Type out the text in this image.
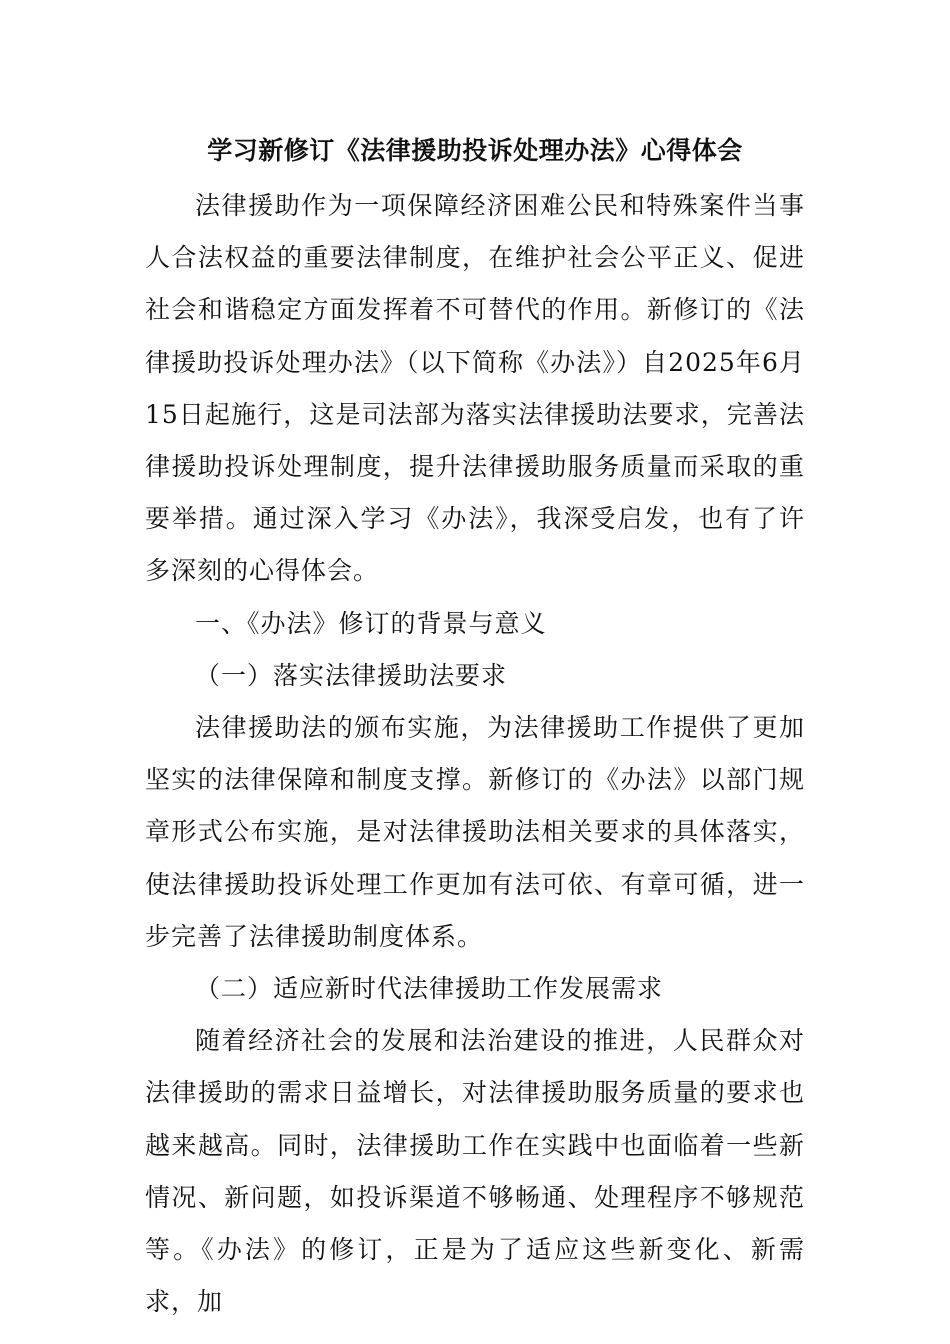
学习新修订《法律援助投诉处理办法》心得体会

法律援助作为一项保障经济困难公民和特殊案件当事人合法权益的重要法律制度，在维护社会公平正义、促进社会和谐稳定方面发挥着不可替代的作用。新修订的《法律援助投诉处理办法》（以下简称《办法》）自2025年6月15日起施行，这是司法部为落实法律援助法要求，完善法律援助投诉处理制度，提升法律援助服务质量而采取的重要举措。通过深入学习《办法》，我深受启发，也有了许多深刻的心得体会。

一、《办法》修订的背景与意义

（一）落实法律援助法要求

法律援助法的颁布实施，为法律援助工作提供了更加坚实的法律保障和制度支撑。新修订的《办法》以部门规章形式公布实施，是对法律援助法相关要求的具体落实，使法律援助投诉处理工作更加有法可依、有章可循，进一步完善了法律援助制度体系。

（二）适应新时代法律援助工作发展需求

随着经济社会的发展和法治建设的推进，人民群众对法律援助的需求日益增长，对法律援助服务质量的要求也越来越高。同时，法律援助工作在实践中也面临着一些新情况、新问题，如投诉渠道不够畅通、处理程序不够规范等。《办法》的修订，正是为了适应这些新变化、新需求，加
